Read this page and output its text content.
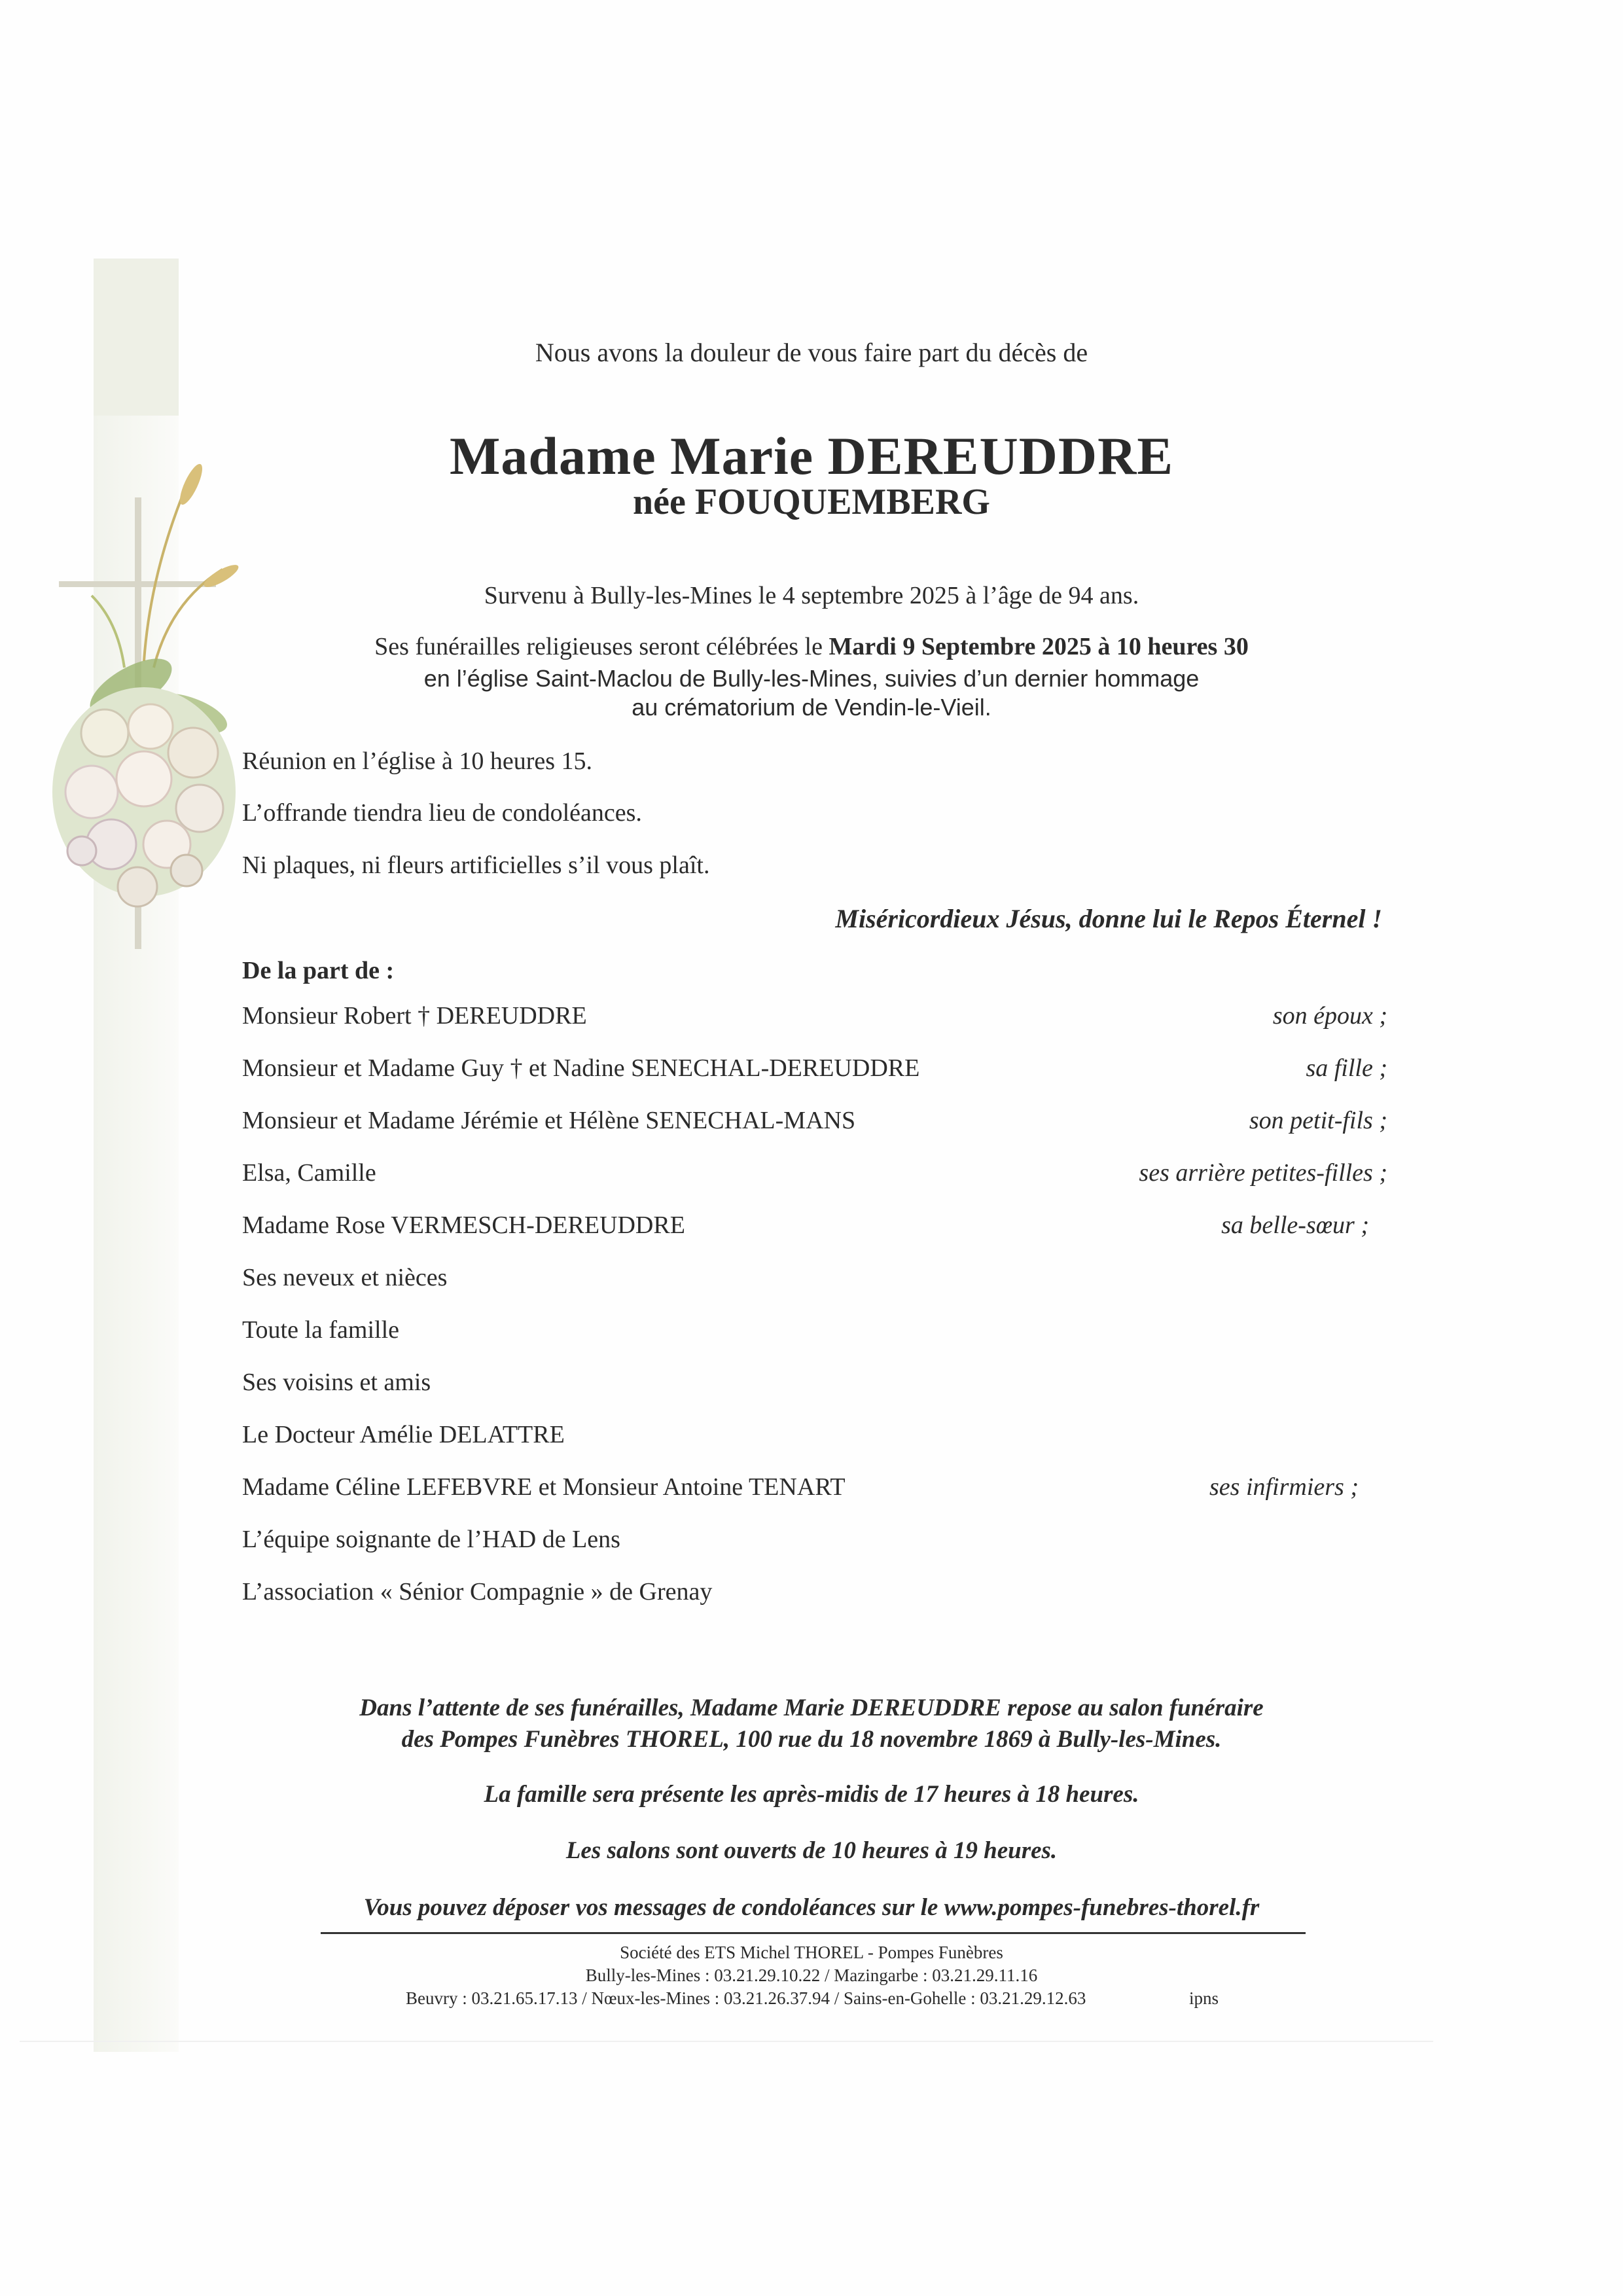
Nous avons la douleur de vous faire part du décès de
Madame Marie DEREUDDRE
née FOUQUEMBERG
Survenu à Bully-les-Mines le 4 septembre 2025 à l’âge de 94 ans.
Ses funérailles religieuses seront célébrées le Mardi 9 Septembre 2025 à 10 heures 30
en l’église Saint-Maclou de Bully-les-Mines, suivies d’un dernier hommage
au crématorium de Vendin-le-Vieil.
Réunion en l’église à 10 heures 15.
L’offrande tiendra lieu de condoléances.
Ni plaques, ni fleurs artificielles s’il vous plaît.
Miséricordieux Jésus, donne lui le Repos Éternel !
De la part de :
Monsieur Robert † DEREUDDRE	son époux ;
Monsieur et Madame Guy † et Nadine SENECHAL-DEREUDDRE	sa fille ;
Monsieur et Madame Jérémie et Hélène SENECHAL-MANS	son petit-fils ;
Elsa, Camille	ses arrière petites-filles ;
Madame Rose VERMESCH-DEREUDDRE	sa belle-sœur ;
Ses neveux et nièces
Toute la famille
Ses voisins et amis
Le Docteur Amélie DELATTRE
Madame Céline LEFEBVRE et Monsieur Antoine TENART	ses infirmiers ;
L’équipe soignante de l’HAD de Lens
L’association « Sénior Compagnie » de Grenay
Dans l’attente de ses funérailles, Madame Marie DEREUDDRE repose au salon funéraire
des Pompes Funèbres THOREL, 100 rue du 18 novembre 1869 à Bully-les-Mines.
La famille sera présente les après-midis de 17 heures à 18 heures.
Les salons sont ouverts de 10 heures à 19 heures.
Vous pouvez déposer vos messages de condoléances sur le www.pompes-funebres-thorel.fr
Société des ETS Michel THOREL - Pompes Funèbres
Bully-les-Mines : 03.21.29.10.22 / Mazingarbe : 03.21.29.11.16
Beuvry : 03.21.65.17.13 / Nœux-les-Mines : 03.21.26.37.94 / Sains-en-Gohelle : 03.21.29.12.63	ipns
